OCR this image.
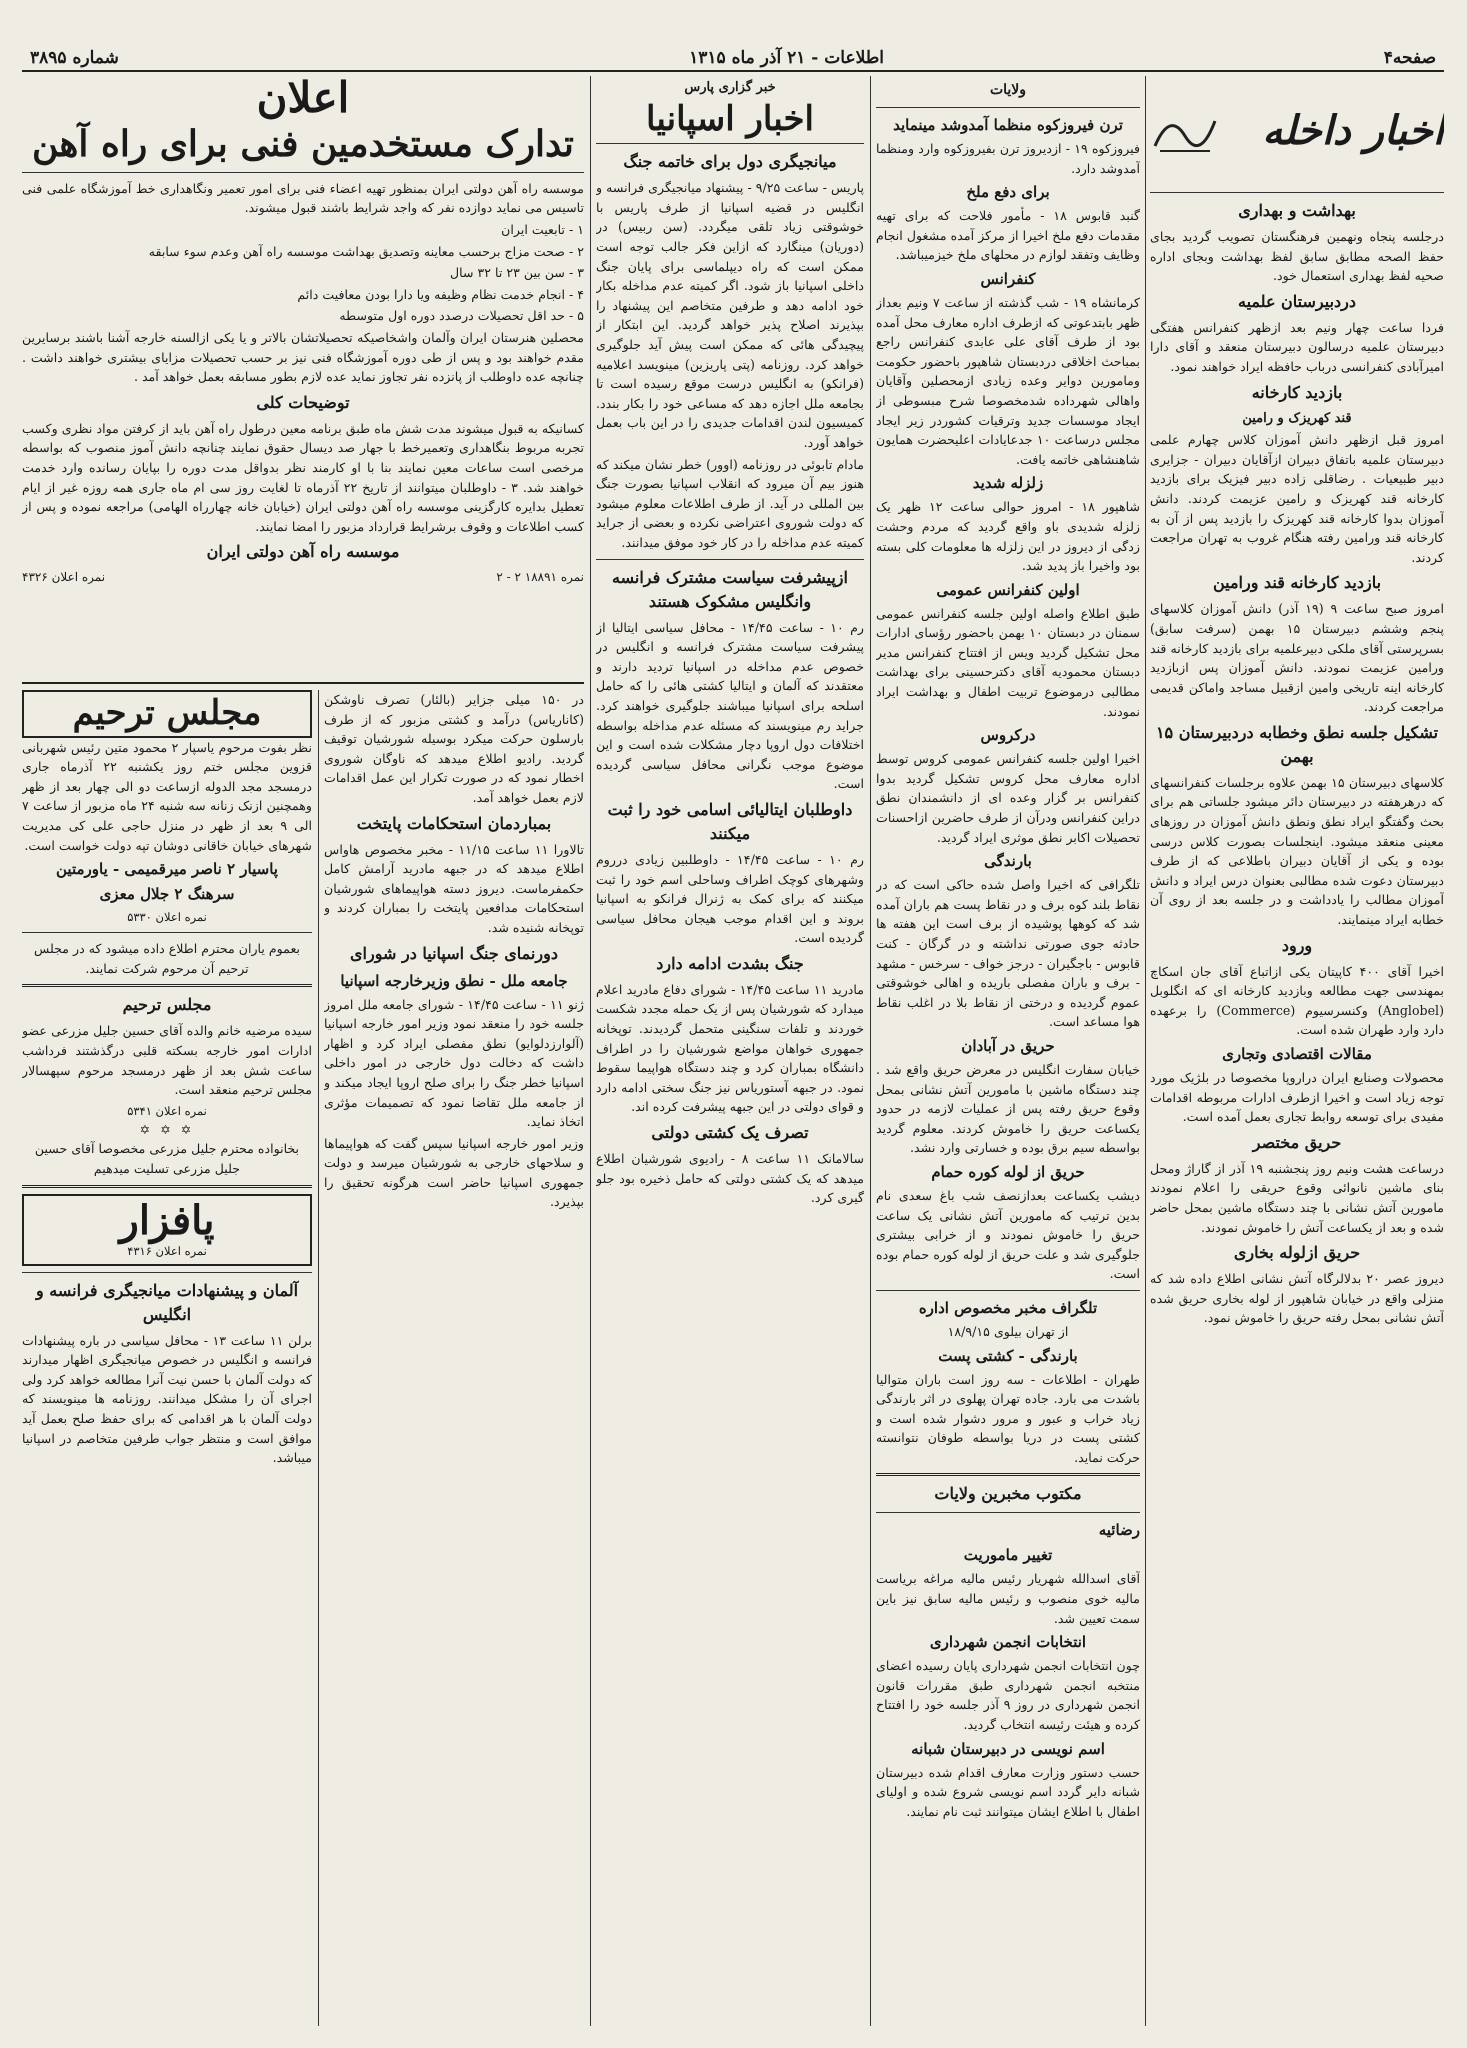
صفحه۴
اطلاعات - ۲۱ آذر ماه ۱۳۱۵
شماره ۳۸۹۵
اخبار داخله
بهداشت و بهداری

درجلسه پنجاه ونهمین فرهنگستان تصویب گردید بجای حفظ الصحه مطابق سابق لفظ بهداشت وبجای اداره صحیه لفظ بهداری استعمال خود.

دردبیرستان علمیه

فردا ساعت چهار ونیم بعد ازظهر کنفرانس هفتگی دبیرستان علمیه درسالون دبیرستان منعقد و آقای دارا امیرآبادی کنفرانسی درباب حافظه ایراد خواهند نمود.

بازدید کارخانه
قند کهریزک و رامین

امروز قبل ازظهر دانش آموزان کلاس چهارم علمی دبیرستان علمیه باتفاق دبیران ازآقایان دبیران - جزایری دبیر طبیعیات . رضاقلی زاده دبیر فیزیک برای بازدید کارخانه قند کهریزک و رامین عزیمت کردند. دانش آموزان بدوا کارخانه قند کهریزک را بازدید پس از آن به کارخانه قند ورامین رفته هنگام غروب به تهران مراجعت کردند.

بازدید کارخانه قند ورامین

امروز صبح ساعت ۹ (۱۹ آذر) دانش آموزان کلاسهای پنجم وششم دبیرستان ۱۵ بهمن (سرفت سابق) بسرپرستی آقای ملکی دبیرعلمیه برای بازدید کارخانه قند ورامین عزیمت نمودند. دانش آموزان پس ازبازدید کارخانه اینه تاریخی وامین ازقبیل مساجد واماکن قدیمی مراجعت کردند.

تشکیل جلسه نطق وخطابه دردبیرستان ۱۵ بهمن

کلاسهای دبیرستان ۱۵ بهمن علاوه برجلسات کنفرانسهای که درهرهفته در دبیرستان دائر میشود جلساتی هم برای بحث وگفتگو ایراد نطق ونطق دانش آموزان در روزهای معینی منعقد میشود. اینجلسات بصورت کلاس درسی بوده و یکی از آقایان دبیران باطلاعی که از طرف دبیرستان دعوت شده مطالبی بعنوان درس ایراد و دانش آموزان مطالب را یادداشت و در جلسه بعد از روی آن خطابه ایراد مینمایند.

ورود

اخیرا آقای ۴۰۰ کاپیتان یکی ازاتباع آقای جان اسکاچ بمهندسی جهت مطالعه وبازدید کارخانه ای که انگلوبل (Anglobel) وکنسرسیوم (Commerce) را برعهده دارد وارد طهران شده است.

مقالات اقتصادی وتجاری

محصولات وصنایع ایران دراروپا مخصوصا در بلژیک مورد توجه زیاد است و اخیرا ازطرف ادارات مربوطه اقدامات مفیدی برای توسعه روابط تجاری بعمل آمده است.

حریق مختصر

درساعت هشت ونیم روز پنجشنبه ۱۹ آذر از گاراژ ومحل بنای ماشین نانوائی وقوع حریقی را اعلام نمودند مامورین آتش نشانی با چند دستگاه ماشین بمحل حاضر شده و بعد از یکساعت آتش را خاموش نمودند.

حریق ازلوله بخاری

دیروز عصر ۲۰ بدلالرگاه آتش نشانی اطلاع داده شد که منزلی واقع در خیابان شاهپور از لوله بخاری حریق شده آتش نشانی بمحل رفته حریق را خاموش نمود.

ولایات
ترن فیروزکوه منظما آمدوشد مینماید

فیروزکوه ۱۹ - ازدیروز ترن بفیروزکوه وارد ومنظما آمدوشد دارد.

برای دفع ملخ

گنبد قابوس ۱۸ - مأمور فلاحت که برای تهیه مقدمات دفع ملخ اخیرا از مرکز آمده مشغول انجام وظایف وتفقد لوازم در محلهای ملخ خیزمیباشد.

کنفرانس

کرمانشاه ۱۹ - شب گذشته از ساعت ۷ ونیم بعداز ظهر بابتدعوتی که ازطرف اداره معارف محل آمده بود از طرف آقای علی عابدی کنفرانس راجع بمباحث اخلاقی دردبستان شاهپور باحضور حکومت ومامورین دوایر وعده زیادی ازمحصلین وآقایان واهالی شهرداده شدمخصوصا شرح مبسوطی از ایجاد موسسات جدید وترقیات کشوردر زیر ایجاد مجلس درساعت ۱۰ جدعایادات اعلیحضرت همایون شاهنشاهی خاتمه یافت.

زلزله شدید

شاهپور ۱۸ - امروز حوالی ساعت ۱۲ ظهر یک زلزله شدیدی باو واقع گردید که مردم وحشت زدگی از دیروز در این زلزله ها معلومات کلی بسته بود واخیرا باز پدید شد.

اولین کنفرانس عمومی

طبق اطلاع واصله اولین جلسه کنفرانس عمومی سمنان در دبستان ۱۰ بهمن باحضور رؤسای ادارات محل تشکیل گردید ویس از افتتاح کنفرانس مدیر دبستان محمودیه آقای دکترحسینی برای بهداشت مطالبی درموضوع تربیت اطفال و بهداشت ایراد نمودند.

درکروس

اخیرا اولین جلسه کنفرانس عمومی کروس توسط اداره معارف محل کروس تشکیل گردید بدوا کنفرانس بر گزار وعده ای از دانشمندان نطق دراین کنفرانس ودرآن از طرف حاضرین ازاحسنات تحصیلات اکابر نطق موثری ایراد گردید.

بارندگی

تلگرافی که اخیرا واصل شده حاکی است که در نقاط بلند کوه برف و در نقاط پست هم باران آمده شد که کوهها پوشیده از برف است این هفته ها حادثه جوی صورتی نداشته و در گرگان - کنت قابوس - باجگیران - درجز خواف - سرخس - مشهد - برف و باران مفصلی باریده و اهالی خوشوقتی عموم گردیده و درختی از نقاط بلا در اغلب نقاط هوا مساعد است.

حریق در آبادان

خیابان سفارت انگلیس در معرض حریق واقع شد . چند دستگاه ماشین با مامورین آتش نشانی بمحل وقوع حریق رفته پس از عملیات لازمه در حدود یکساعت حریق را خاموش کردند. معلوم گردید بواسطه سیم برق بوده و خسارتی وارد نشد.

حریق از لوله کوره حمام

دیشب یکساعت بعدازنصف شب باغ سعدی نام بدین ترتیب که مامورین آتش نشانی یک ساعت حریق را خاموش نمودند و از خرابی بیشتری جلوگیری شد و علت حریق از لوله کوره حمام بوده است.

تلگراف مخبر مخصوص اداره

از تهران بیلوی ۱۸/۹/۱۵

بارندگی - کشتی پست

طهران - اطلاعات - سه روز است باران متوالیا باشدت می بارد. جاده تهران پهلوی در اثر بارندگی زیاد خراب و عبور و مرور دشوار شده است و کشتی پست در دریا بواسطه طوفان نتوانسته حرکت نماید.

مکتوب مخبرین ولایات
رضائیه
تغییر ماموریت

آقای اسدالله شهریار رئیس مالیه مراغه بریاست مالیه خوی منصوب و رئیس مالیه سابق نیز باین سمت تعیین شد.

انتخابات انجمن شهرداری

چون انتخابات انجمن شهرداری پایان رسیده اعضای منتخبه انجمن شهرداری طبق مقررات قانون انجمن شهرداری در روز ۹ آذر جلسه خود را افتتاح کرده و هیئت رئیسه انتخاب گردید.

اسم نویسی در دبیرستان شبانه

حسب دستور وزارت معارف اقدام شده دبیرستان شبانه دایر گردد اسم نویسی شروع شده و اولیای اطفال با اطلاع ایشان میتوانند ثبت نام نمایند.

خبر گزاری پارس
اخبار اسپانیا
میانجیگری دول برای خاتمه جنگ

پاریس - ساعت ۹/۲۵ - پیشنهاد میانجیگری فرانسه و انگلیس در قضیه اسپانیا از طرف پاریس با خوشوقتی زیاد تلقی میگردد. (سن ربیس) در (دوریان) مینگارد که ازاین فکر جالب توجه است ممکن است که راه دیپلماسی برای پایان جنگ داخلی اسپانیا باز شود. اگر کمیته عدم مداخله بکار خود ادامه دهد و طرفین متخاصم این پیشنهاد را بپذیرند اصلاح پذیر خواهد گردید. این ابتکار از پیچیدگی هائی که ممکن است پیش آید جلوگیری خواهد کرد. روزنامه (پتی پاریزین) مینویسد اعلامیه (فرانکو) به انگلیس درست موقع رسیده است تا بجامعه ملل اجازه دهد که مساعی خود را بکار بندد. کمیسیون لندن اقدامات جدیدی را در این باب بعمل خواهد آورد.

مادام تابوئی در روزنامه (اوور) خطر نشان میکند که هنوز بیم آن میرود که انقلاب اسپانیا بصورت جنگ بین المللی در آید. از طرف اطلاعات معلوم میشود که دولت شوروی اعتراضی نکرده و بعضی از جراید کمیته عدم مداخله را در کار خود موفق میدانند.

ازپیشرفت سیاست مشترک فرانسه وانگلیس مشکوک هستند

رم ۱۰ - ساعت ۱۴/۴۵ - محافل سیاسی ایتالیا از پیشرفت سیاست مشترک فرانسه و انگلیس در خصوص عدم مداخله در اسپانیا تردید دارند و معتقدند که آلمان و ایتالیا کشتی هائی را که حامل اسلحه برای اسپانیا میباشند جلوگیری خواهند کرد. جراید رم مینویسند که مسئله عدم مداخله بواسطه اختلافات دول اروپا دچار مشکلات شده است و این موضوع موجب نگرانی محافل سیاسی گردیده است.

داوطلبان ایتالیائی اسامی خود را ثبت میکنند

رم ۱۰ - ساعت ۱۴/۴۵ - داوطلبین زیادی درروم وشهرهای کوچک اطراف وساحلی اسم خود را ثبت میکنند که برای کمک به ژنرال فرانکو به اسپانیا بروند و این اقدام موجب هیجان محافل سیاسی گردیده است.

جنگ بشدت ادامه دارد

مادرید ۱۱ ساعت ۱۴/۴۵ - شورای دفاع مادرید اعلام میدارد که شورشیان پس از یک حمله مجدد شکست خوردند و تلفات سنگینی متحمل گردیدند. توپخانه جمهوری خواهان مواضع شورشیان را در اطراف دانشگاه بمباران کرد و چند دستگاه هواپیما سقوط نمود. در جبهه آستوریاس نیز جنگ سختی ادامه دارد و قوای دولتی در این جبهه پیشرفت کرده اند.

تصرف یک کشتی دولتی

سالامانک ۱۱ ساعت ۸ - رادیوی شورشیان اطلاع میدهد که یک کشتی دولتی که حامل ذخیره بود جلو گیری کرد.

اعلان
تدارک مستخدمین فنی برای راه آهن

موسسه راه آهن دولتی ایران بمنظور تهیه اعضاء فنی برای امور تعمیر ونگاهداری خط آموزشگاه علمی فنی تاسیس می نماید دوازده نفر که واجد شرایط باشند قبول میشوند.

۱ - تابعیت ایران
۲ - صحت مزاج برحسب معاینه وتصدیق بهداشت موسسه راه آهن وعدم سوء سابقه
۳ - سن بین ۲۳ تا ۳۲ سال
۴ - انجام خدمت نظام وظیفه ویا دارا بودن معافیت دائم
۵ - حد اقل تحصیلات درصدد دوره اول متوسطه

محصلین هنرستان ایران وآلمان واشخاصیکه تحصیلاتشان بالاتر و یا یکی ازالسنه خارجه آشنا باشند برسایرین مقدم خواهند بود و پس از طی دوره آموزشگاه فنی نیز بر حسب تحصیلات مزایای بیشتری خواهند داشت . چنانچه عده داوطلب از پانزده نفر تجاوز نماید عده لازم بطور مسابقه بعمل خواهد آمد .

توضیحات کلی

کسانیکه به قبول میشوند مدت شش ماه طبق برنامه معین درطول راه آهن باید از کرفتن مواد نظری وکسب تجربه مربوط بنگاهداری وتعمیرخط با جهار صد دیسال حقوق نمایند چنانچه دانش آموز منصوب که بواسطه مرخصی است ساعات معین نمایند بنا با او کارمند نظر بدواقل مدت دوره را بپایان رسانده وارد خدمت خواهند شد. ۳ - داوطلبان میتوانند از تاریخ ۲۲ آذرماه تا لغایت روز سی ام ماه جاری همه روزه غیر از ایام تعطیل بدایره کارگزینی موسسه راه آهن دولتی ایران (خیابان خانه چهارراه الهامی) مراجعه نموده و پس از کسب اطلاعات و وقوف برشرایط قرارداد مزبور را امضا نمایند.

موسسه راه آهن دولتی ایران
نمره ۱۸۸۹۱ ۲ - ۲
نمره اعلان ۴۳۲۶
مجلس ترحیم

نظر بفوت مرحوم یاسپار ۲ محمود متین رئیس شهربانی قزوین مجلس ختم روز یکشنبه ۲۲ آذرماه جاری درمسجد مجد الدوله ازساعت دو الی چهار بعد از ظهر وهمچنین ازنک زنانه سه شنبه ۲۴ ماه مزبور از ساعت ۷ الی ۹ بعد از ظهر در منزل حاجی علی کی مدیریت شهرهای خیابان خاقانی دوشان تپه دولت خواست است.

پاسیار ۲ ناصر میرقمیمی - یاورمتین
سرهنگ ۲ جلال معزی
نمره اعلان ۵۳۳۰

بعموم یاران محترم اطلاع داده میشود که در مجلس ترحیم آن مرحوم شرکت نمایند.

مجلس ترحیم

سیده مرضیه خانم والده آقای حسین جلیل مزرعی عضو ادارات امور خارجه بسکته قلبی درگذشتند فرداشب ساعت شش بعد از ظهر درمسجد مرحوم سپهسالار مجلس ترحیم منعقد است.

نمره اعلان ۵۳۴۱
✡ ✡ ✡

بخانواده محترم جلیل مزرعی مخصوصا آقای حسین جلیل مزرعی تسلیت میدهیم

پافزار
نمره اعلان ۴۳۱۶
آلمان و پیشنهادات میانجیگری فرانسه و انگلیس

برلن ۱۱ ساعت ۱۳ - محافل سیاسی در باره پیشنهادات فرانسه و انگلیس در خصوص میانجیگری اظهار میدارند که دولت آلمان با حسن نیت آنرا مطالعه خواهد کرد ولی اجرای آن را مشکل میدانند. روزنامه ها مینویسند که دولت آلمان با هر اقدامی که برای حفظ صلح بعمل آید موافق است و منتظر جواب طرفین متخاصم در اسپانیا میباشد.

در ۱۵۰ میلی جزایر (بالئار) تصرف ناوشکن (کاناریاس) درآمد و کشتی مزبور که از طرف بارسلون حرکت میکرد بوسیله شورشیان توقیف گردید. رادیو اطلاع میدهد که ناوگان شوروی اخطار نمود که در صورت تکرار این عمل اقدامات لازم بعمل خواهد آمد.

بمباردمان استحکامات پایتخت

تالاورا ۱۱ ساعت ۱۱/۱۵ - مخبر مخصوص هاواس اطلاع میدهد که در جبهه مادرید آرامش کامل حکمفرماست. دیروز دسته هواپیماهای شورشیان استحکامات مدافعین پایتخت را بمباران کردند و توپخانه شنیده شد.

دورنمای جنگ اسپانیا در شورای
جامعه ملل - نطق وزیرخارجه اسپانیا

ژنو ۱۱ - ساعت ۱۴/۴۵ - شورای جامعه ملل امروز جلسه خود را منعقد نمود وزیر امور خارجه اسپانیا (آلوارزدلوایو) نطق مفصلی ایراد کرد و اظهار داشت که دخالت دول خارجی در امور داخلی اسپانیا خطر جنگ را برای صلح اروپا ایجاد میکند و از جامعه ملل تقاضا نمود که تصمیمات مؤثری اتخاذ نماید.

وزیر امور خارجه اسپانیا سپس گفت که هواپیماها و سلاحهای خارجی به شورشیان میرسد و دولت جمهوری اسپانیا حاضر است هرگونه تحقیق را بپذیرد.
